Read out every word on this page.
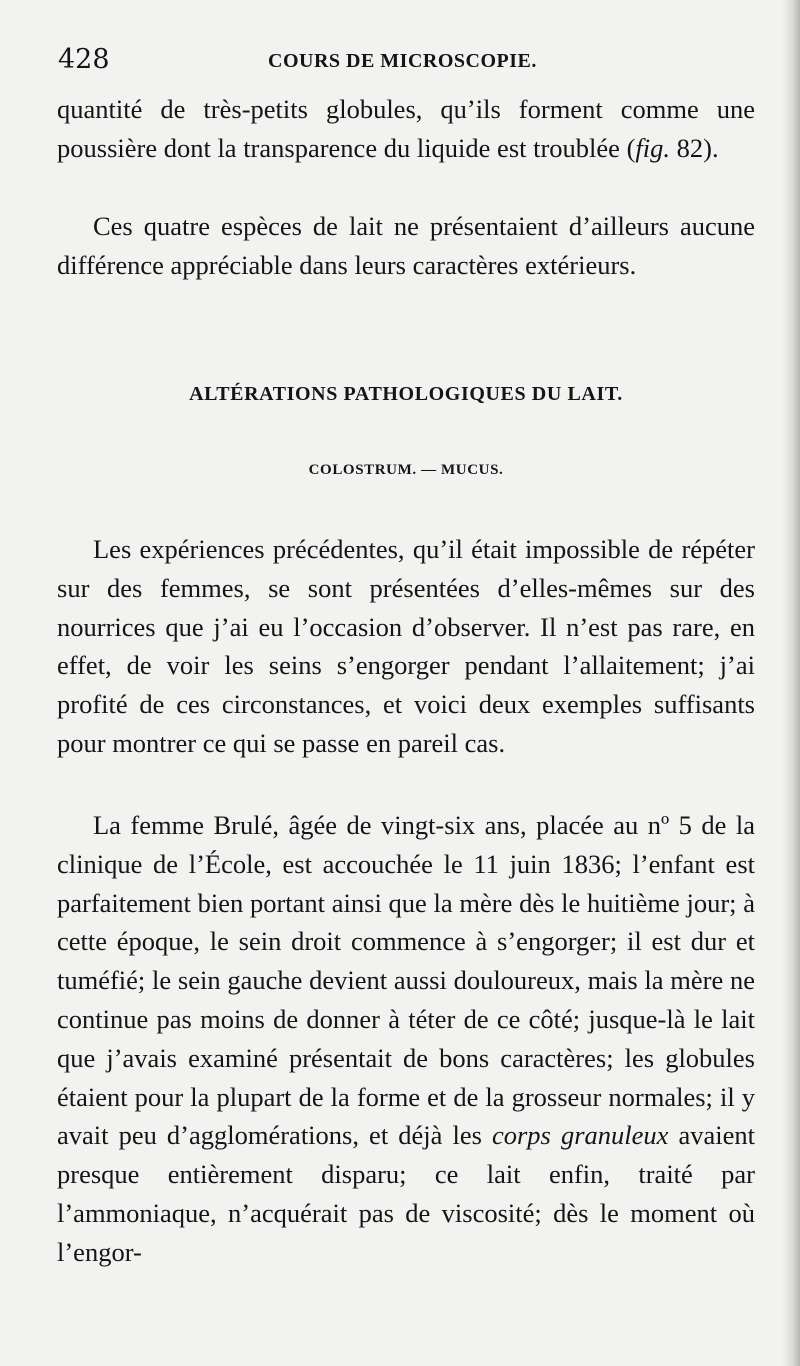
428	COURS DE MICROSCOPIE.

quantité de très-petits globules, qu’ils forment comme une poussière dont la transparence du liquide est troublée (fig. 82).

Ces quatre espèces de lait ne présentaient d’ailleurs aucune différence appréciable dans leurs caractères extérieurs.

ALTÉRATIONS PATHOLOGIQUES DU LAIT.
COLOSTRUM. — MUCUS.

Les expériences précédentes, qu’il était impossible de répéter sur des femmes, se sont présentées d’elles-mêmes sur des nourrices que j’ai eu l’occasion d’observer. Il n’est pas rare, en effet, de voir les seins s’engorger pendant l’allaitement; j’ai profité de ces circonstances, et voici deux exemples suffisants pour montrer ce qui se passe en pareil cas.

La femme Brulé, âgée de vingt-six ans, placée au nº 5 de la clinique de l’École, est accouchée le 11 juin 1836; l’enfant est parfaitement bien portant ainsi que la mère dès le huitième jour; à cette époque, le sein droit commence à s’engorger; il est dur et tuméfié; le sein gauche devient aussi douloureux, mais la mère ne continue pas moins de donner à téter de ce côté; jusque-là le lait que j’avais examiné présentait de bons caractères; les globules étaient pour la plupart de la forme et de la grosseur normales; il y avait peu d’agglomérations, et déjà les corps granuleux avaient presque entièrement disparu; ce lait enfin, traité par l’ammoniaque, n’acquérait pas de viscosité; dès le moment où l’engor-
